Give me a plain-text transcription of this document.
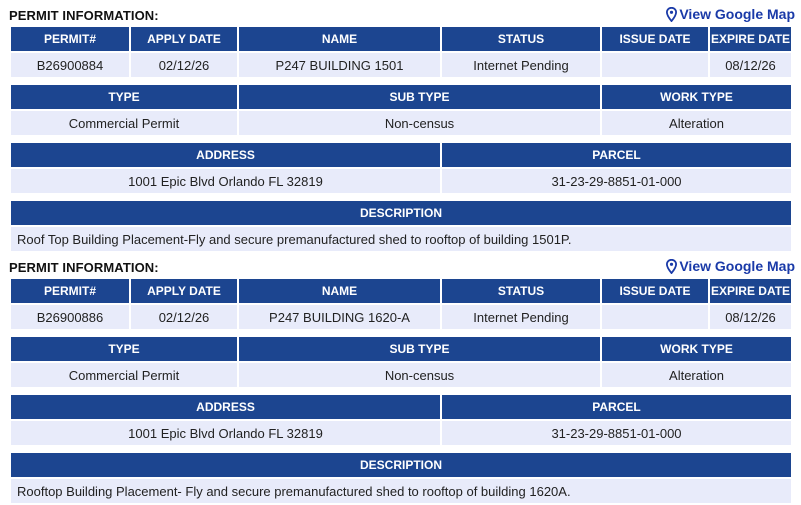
PERMIT INFORMATION:	View Google Map
PERMIT#	APPLY DATE	NAME	STATUS	ISSUE DATE	EXPIRE DATE
B26900884	02/12/26	P247 BUILDING 1501	Internet Pending		08/12/26

TYPE		SUB TYPE		WORK TYPE	
Commercial Permit		Non-census		Alteration	

ADDRESS			PARCEL		
1001 Epic Blvd Orlando FL 32819			31-23-29-8851-01-000		

DESCRIPTION					
Roof Top Building Placement-Fly and secure premanufactured shed to rooftop of building 1501P.					
PERMIT INFORMATION:	View Google Map
PERMIT#	APPLY DATE	NAME	STATUS	ISSUE DATE	EXPIRE DATE
B26900886	02/12/26	P247 BUILDING 1620-A	Internet Pending		08/12/26

TYPE		SUB TYPE		WORK TYPE	
Commercial Permit		Non-census		Alteration	

ADDRESS			PARCEL		
1001 Epic Blvd Orlando FL 32819			31-23-29-8851-01-000		

DESCRIPTION					
Rooftop Building Placement- Fly and secure premanufactured shed to rooftop of building 1620A.					
